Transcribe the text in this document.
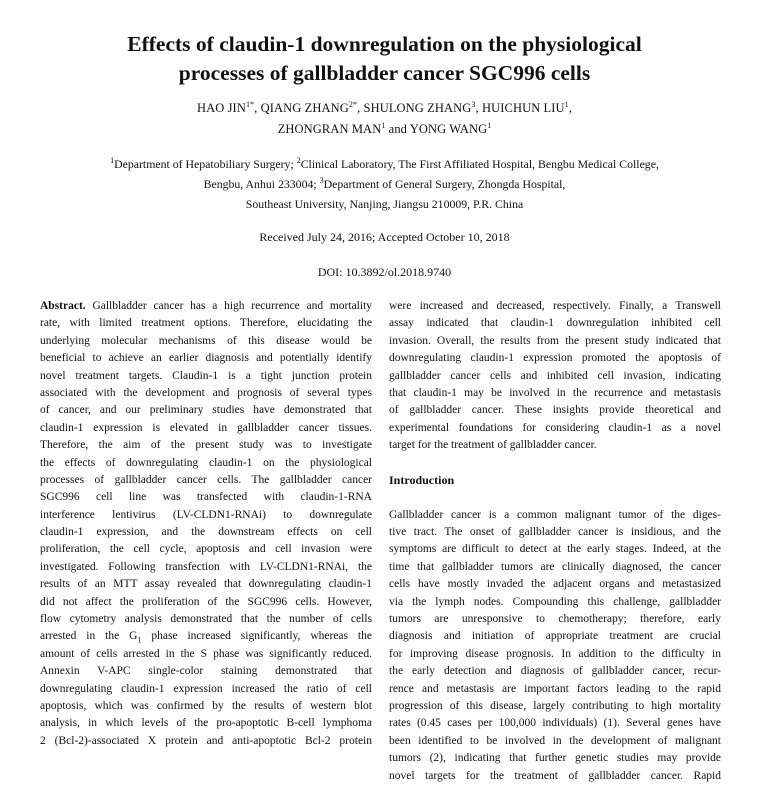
Effects of claudin-1 downregulation on the physiological
processes of gallbladder cancer SGC996 cells
HAO $JIN^{1*}$, QIANG $ZHANG^{2*}$, SHULONG ZHANG$^3$, HUICHUN LIU$^1$,
ZHONGRAN MAN$^1$ and YONG WANG$^1$
$^1$Department of Hepatobiliary Surgery; $^2$Clinical Laboratory, The First Affiliated Hospital, Bengbu Medical College,
Bengbu, Anhui 233004; $^3$Department of General Surgery, Zhongda Hospital,
Southeast University, Nanjing, Jiangsu 210009, P.R. China
Received July 24, 2016; Accepted October 10, 2018
DOI: 10.3892/ol.2018.9740
Abstract. Gallbladder cancer has a high recurrence and mortality
rate, with limited treatment options. Therefore, elucidating the
underlying molecular mechanisms of this disease would be
beneficial to achieve an earlier diagnosis and potentially identify
novel treatment targets. Claudin-1 is a tight junction protein
associated with the development and prognosis of several types
of cancer, and our preliminary studies have demonstrated that
claudin-1 expression is elevated in gallbladder cancer tissues.
Therefore, the aim of the present study was to investigate
the effects of downregulating claudin-1 on the physiological
processes of gallbladder cancer cells. The gallbladder cancer
SGC996 cell line was transfected with claudin-1-RNA
interference lentivirus (LV-CLDN1-RNAi) to downregulate
claudin-1 expression, and the downstream effects on cell
proliferation, the cell cycle, apoptosis and cell invasion were
investigated. Following transfection with LV-CLDN1-RNAi, the
results of an MTT assay revealed that downregulating claudin-1
did not affect the proliferation of the SGC996 cells. However,
flow cytometry analysis demonstrated that the number of cells
arrested in the $G_1$ phase increased significantly, whereas the
amount of cells arrested in the S phase was significantly reduced.
Annexin V-APC single-color staining demonstrated that
downregulating claudin-1 expression increased the ratio of cell
apoptosis, which was confirmed by the results of western blot
analysis, in which levels of the pro-apoptotic B-cell lymphoma
2 (Bcl-2)-associated X protein and anti-apoptotic Bcl-2 protein
were increased and decreased, respectively. Finally, a Transwell
assay indicated that claudin-1 downregulation inhibited cell
invasion. Overall, the results from the present study indicated that
downregulating claudin-1 expression promoted the apoptosis of
gallbladder cancer cells and inhibited cell invasion, indicating
that claudin-1 may be involved in the recurrence and metastasis
of gallbladder cancer. These insights provide theoretical and
experimental foundations for considering claudin-1 as a novel
target for the treatment of gallbladder cancer.
Introduction
Gallbladder cancer is a common malignant tumor of the diges-
tive tract. The onset of gallbladder cancer is insidious, and the
symptoms are difficult to detect at the early stages. Indeed, at the
time that gallbladder tumors are clinically diagnosed, the cancer
cells have mostly invaded the adjacent organs and metastasized
via the lymph nodes. Compounding this challenge, gallbladder
tumors are unresponsive to chemotherapy; therefore, early
diagnosis and initiation of appropriate treatment are crucial
for improving disease prognosis. In addition to the difficulty in
the early detection and diagnosis of gallbladder cancer, recur-
rence and metastasis are important factors leading to the rapid
progression of this disease, largely contributing to high mortality
rates (0.45 cases per 100,000 individuals) (1). Several genes have
been identified to be involved in the development of malignant
tumors (2), indicating that further genetic studies may provide
novel targets for the treatment of gallbladder cancer. Rapid
